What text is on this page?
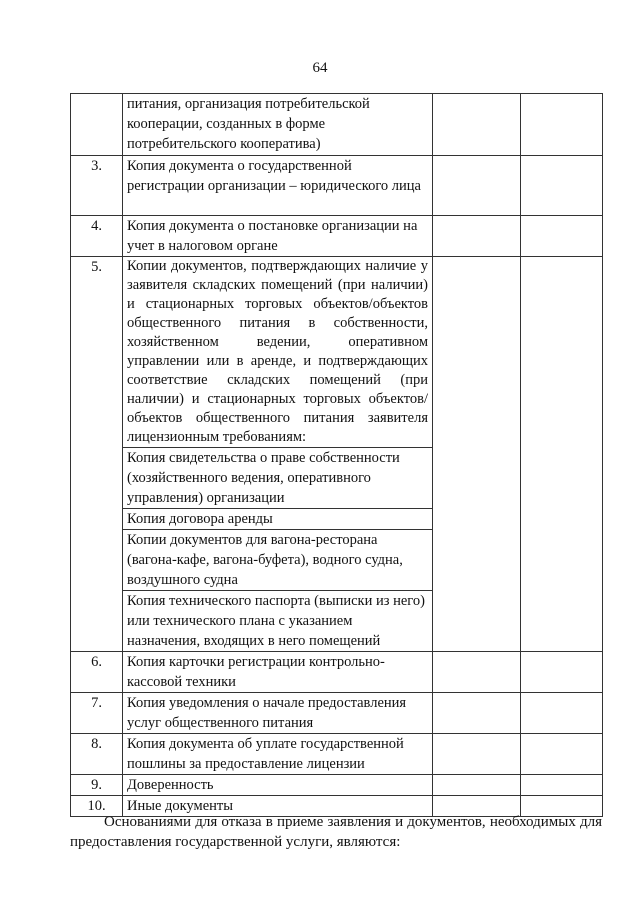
64
	питания, организация потребительской кооперации, созданных в форме потребительского кооператива)		
3.	Копия документа о государственной регистрации организации – юридического лица		
4.	Копия документа о постановке организации на учет в налоговом органе		
5.	Копии документов, подтверждающих наличие у заявителя складских помещений (при наличии) и стационарных торговых объектов/объектов общественного питания в собственности, хозяйственном ведении, оперативном управлении или в аренде, и подтверждающих соответствие складских помещений (при наличии) и стационарных торговых объектов/объектов общественного питания заявителя лицензионным требованиям:		
	Копия свидетельства о праве собственности (хозяйственного ведения, оперативного управления) организации		
	Копия договора аренды		
	Копии документов для вагона-ресторана (вагона-кафе, вагона-буфета), водного судна, воздушного судна		
	Копия технического паспорта (выписки из него) или технического плана с указанием назначения, входящих в него помещений		
6.	Копия карточки регистрации контрольно-кассовой техники		
7.	Копия уведомления о начале предоставления услуг общественного питания		
8.	Копия документа об уплате государственной пошлины за предоставление лицензии		
9.	Доверенность		
10.	Иные документы		
Основаниями для отказа в приеме заявления и документов, необходимых для предоставления государственной услуги, являются:
